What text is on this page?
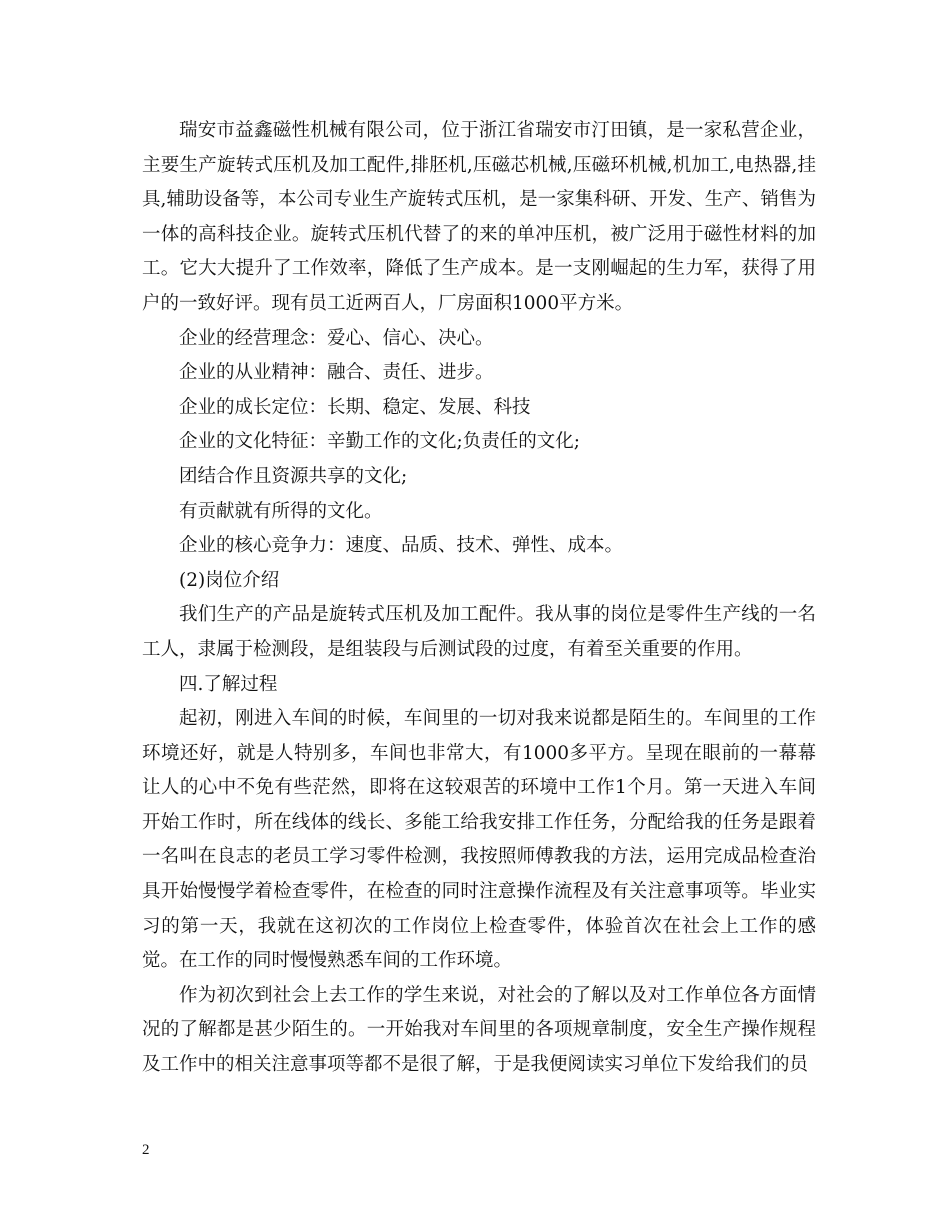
瑞安市益鑫磁性机械有限公司，位于浙江省瑞安市汀田镇，是一家私营企业，主要生产旋转式压机及加工配件,排胚机,压磁芯机械,压磁环机械,机加工,电热器,挂具,辅助设备等，本公司专业生产旋转式压机，是一家集科研、开发、生产、销售为一体的高科技企业。旋转式压机代替了的来的单冲压机，被广泛用于磁性材料的加工。它大大提升了工作效率，降低了生产成本。是一支刚崛起的生力军，获得了用户的一致好评。现有员工近两百人，厂房面积1000平方米。

企业的经营理念：爱心、信心、决心。

企业的从业精神：融合、责任、进步。

企业的成长定位：长期、稳定、发展、科技

企业的文化特征：辛勤工作的文化;负责任的文化;

团结合作且资源共享的文化;

有贡献就有所得的文化。

企业的核心竞争力：速度、品质、技术、弹性、成本。

(2)岗位介绍

我们生产的产品是旋转式压机及加工配件。我从事的岗位是零件生产线的一名工人，隶属于检测段，是组装段与后测试段的过度，有着至关重要的作用。

四.了解过程

起初，刚进入车间的时候，车间里的一切对我来说都是陌生的。车间里的工作环境还好，就是人特别多，车间也非常大，有1000多平方。呈现在眼前的一幕幕让人的心中不免有些茫然，即将在这较艰苦的环境中工作1个月。第一天进入车间开始工作时，所在线体的线长、多能工给我安排工作任务，分配给我的任务是跟着一名叫在良志的老员工学习零件检测，我按照师傅教我的方法，运用完成品检查治具开始慢慢学着检查零件，在检查的同时注意操作流程及有关注意事项等。毕业实习的第一天，我就在这初次的工作岗位上检查零件，体验首次在社会上工作的感觉。在工作的同时慢慢熟悉车间的工作环境。

作为初次到社会上去工作的学生来说，对社会的了解以及对工作单位各方面情况的了解都是甚少陌生的。一开始我对车间里的各项规章制度，安全生产操作规程及工作中的相关注意事项等都不是很了解，于是我便阅读实习单位下发给我们的员

2
